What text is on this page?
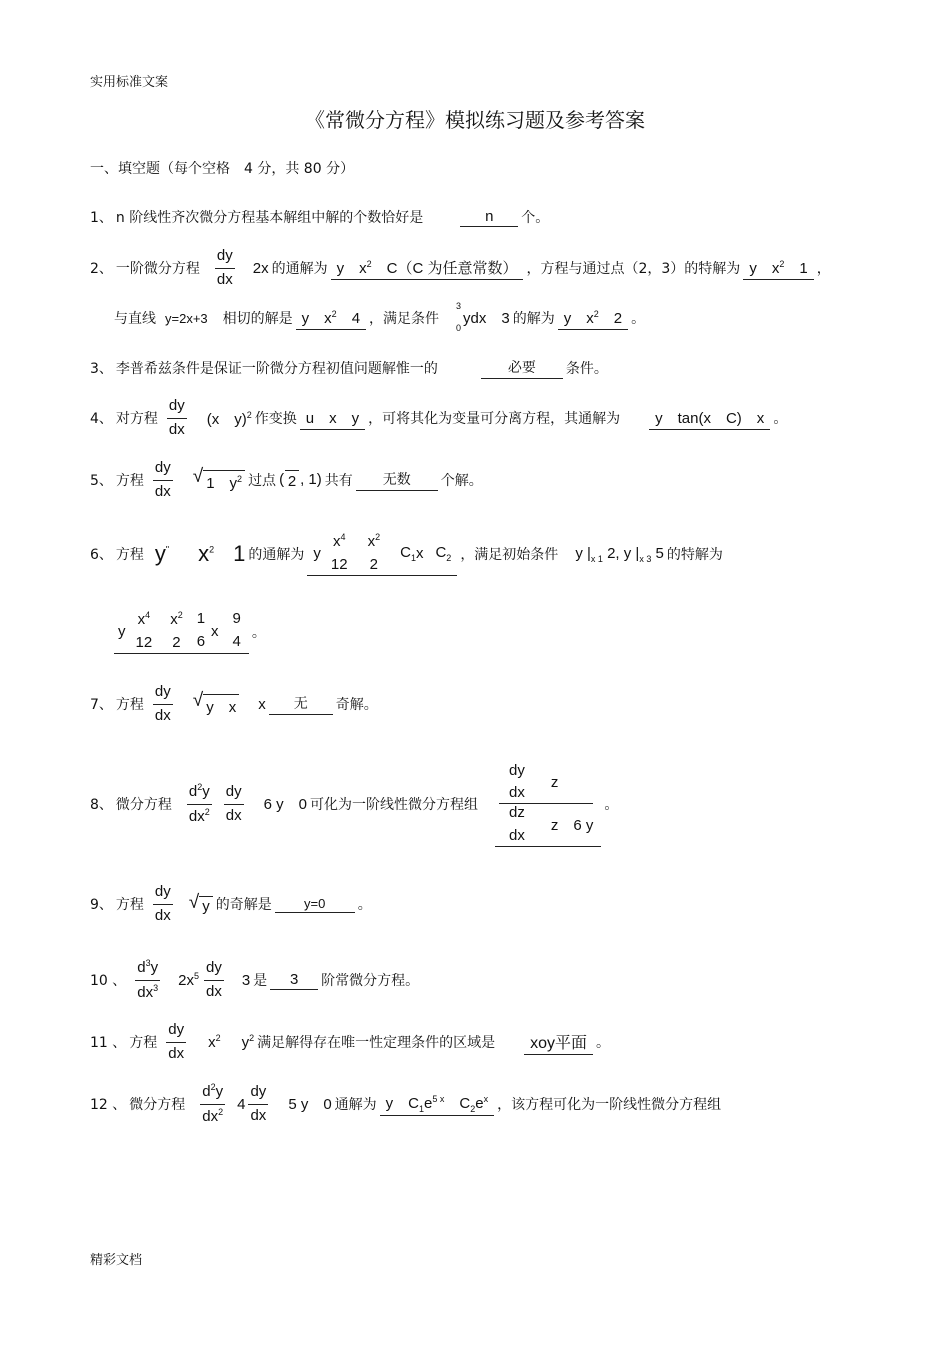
实用标准文案
《常微分方程》模拟练习题及参考答案
一、填空题（每个空格　4 分，共 80 分）
1、 n 阶线性齐次微分方程基本解组中解的个数恰好是	n	个。
2、 一阶微分方程 $\frac{dy}{dx} 2x$ 的通解为 y　$x^2$　C（C 为任意常数） ，方程与通过点（2，3）的特解为 y　$x^2$　1 ，
与直线 y=2x+3 相切的解是 y　$x^2$　4 ，满足条件
3
0
ydx 3 的解为 y　$x^2$　2 。
3、 李普希兹条件是保证一阶微分方程初值问题解惟一的	必要	条件。
4、 对方程 $\frac{dy}{dx} (x$　y)$^2$ 作变换 u　x　y ，可将其化为变量可分离方程，其通解为	y　tan(x　C)　x 。
5、 方程 $\frac{dy}{dx}$ √ 1　$y^2$ 过点 ( 2 , 1) 共有	无数	个解。
6、 方程 y" $x^2$ 1 的通解为 y
$x^4$
12
$x^2$
2
$C_1$ x $C_2$ ，满足初始条件 y $|_{x 1}$ 2, y $|_{x 3}$ 5 的特解为
y
$x^4$
12
$x^2$
2
1
6
x
9
4 。
7、 方程 $\frac{dy}{dx}$ √ y　x x	无	奇解。
8、 微分方程 $\frac{d^2y}{dx^2} \frac{dy}{dx} 6$ y 0 可化为一阶线性微分方程组
dy
dx
z
dz
dx
z　6 y
。
9、 方程 $\frac{dy}{dx}$ √ y 的奇解是	y=0	。
10 、 $\frac{d^3y}{dx^3} 2x^5 \frac{dy}{dx} 3$ 是	3	阶常微分方程。
11 、 方程 $\frac{dy}{dx} x^2$ $y^2$ 满足解得存在唯一性定理条件的区域是	xoy平面 。
12 、 微分方程 $\frac{d^2y}{dx^2} 4 \frac{dy}{dx} 5$ y 0 通解为 y　$C_1e^{5 x}$　$C_2e^x$ ，该方程可化为一阶线性微分方程组
精彩文档
